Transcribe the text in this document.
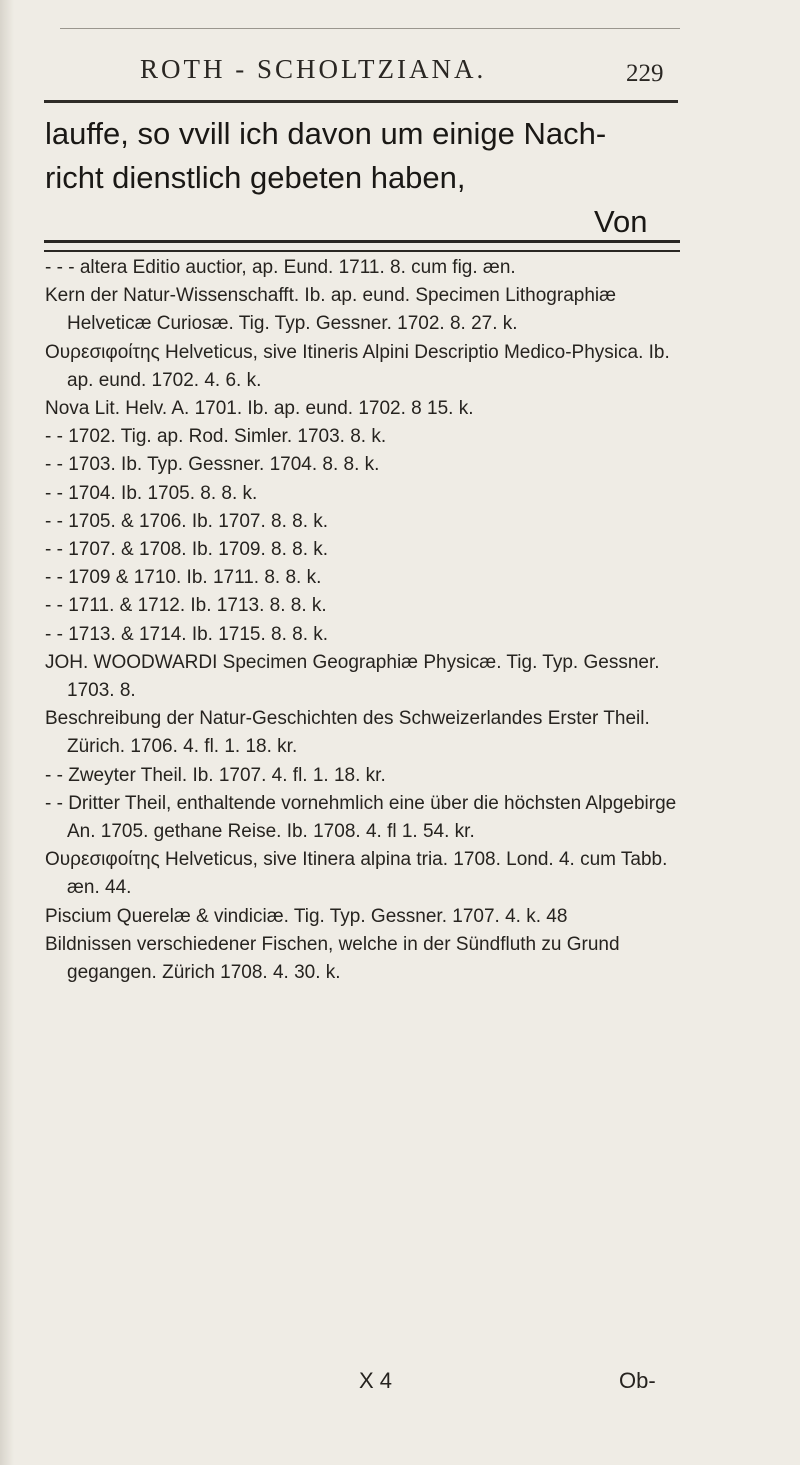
ROTH - SCHOLTZIANA.	229
lauffe, so vvill ich davon um einige Nach-
richt dienstlich gebeten haben,
Von

- - - altera Editio auctior, ap. Eund. 1711. 8. cum fig. æn.

Kern der Natur-Wissenschafft. Ib. ap. eund. Specimen Lithographiæ Helveticæ Curiosæ. Tig. Typ. Gessner. 1702. 8. 27. k.

Ουρεσιφοίτης Helveticus, sive Itineris Alpini Descriptio Medico-Physica. Ib. ap. eund. 1702. 4. 6. k.

Nova Lit. Helv. A. 1701. Ib. ap. eund. 1702. 8 15. k.

- - 1702. Tig. ap. Rod. Simler. 1703. 8. k.

- - 1703. Ib. Typ. Gessner. 1704. 8. 8. k.

- - 1704. Ib. 1705. 8. 8. k.

- - 1705. & 1706. Ib. 1707. 8. 8. k.

- - 1707. & 1708. Ib. 1709. 8. 8. k.

- - 1709 & 1710. Ib. 1711. 8. 8. k.

- - 1711. & 1712. Ib. 1713. 8. 8. k.

- - 1713. & 1714. Ib. 1715. 8. 8. k.

JOH. WOODWARDI Specimen Geographiæ Physicæ. Tig. Typ. Gessner. 1703. 8.

Beschreibung der Natur-Geschichten des Schweizerlandes Erster Theil. Zürich. 1706. 4. fl. 1. 18. kr.

- - Zweyter Theil. Ib. 1707. 4. fl. 1. 18. kr.

- - Dritter Theil, enthaltende vornehmlich eine über die höchsten Alpgebirge An. 1705. gethane Reise. Ib. 1708. 4. fl 1. 54. kr.

Ουρεσιφοίτης Helveticus, sive Itinera alpina tria. 1708. Lond. 4. cum Tabb. æn. 44.

Piscium Querelæ & vindiciæ. Tig. Typ. Gessner. 1707. 4. k. 48

Bildnissen verschiedener Fischen, welche in der Sündfluth zu Grund gegangen. Zürich 1708. 4. 30. k.

X 4	Ob-
